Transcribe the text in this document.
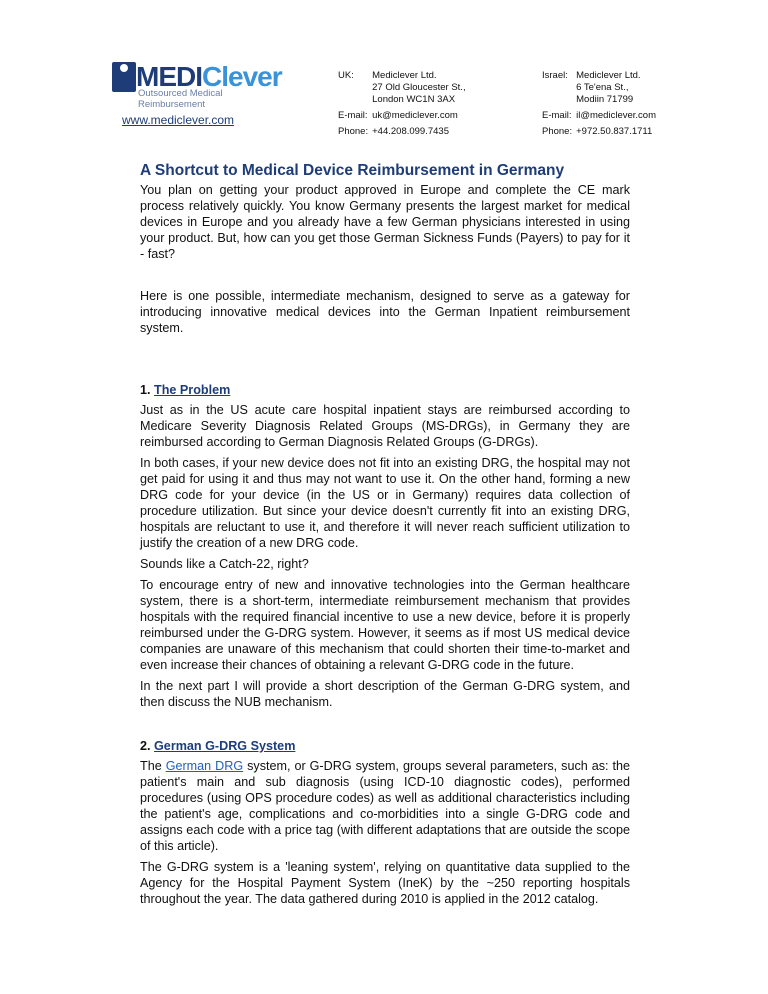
MEDIClever
Outsourced Medical Reimbursement
www.mediclever.com
UK:	Mediclever Ltd.
	27 Old Gloucester St.,
	London WC1N 3AX
E-mail:	uk@mediclever.com
Phone:	+44.208.099.7435
Israel:	Mediclever Ltd.
	6 Te'ena St.,
	Modiin 71799
E-mail:	il@mediclever.com
Phone:	+972.50.837.1711
A Shortcut to Medical Device Reimbursement in Germany

You plan on getting your product approved in Europe and complete the CE mark process relatively quickly. You know Germany presents the largest market for medical devices in Europe and you already have a few German physicians interested in using your product. But, how can you get those German Sickness Funds (Payers) to pay for it - fast?

Here is one possible, intermediate mechanism, designed to serve as a gateway for introducing innovative medical devices into the German Inpatient reimbursement system.

1. The Problem

Just as in the US acute care hospital inpatient stays are reimbursed according to Medicare Severity Diagnosis Related Groups (MS-DRGs), in Germany they are reimbursed according to German Diagnosis Related Groups (G-DRGs).

In both cases, if your new device does not fit into an existing DRG, the hospital may not get paid for using it and thus may not want to use it. On the other hand, forming a new DRG code for your device (in the US or in Germany) requires data collection of procedure utilization. But since your device doesn't currently fit into an existing DRG, hospitals are reluctant to use it, and therefore it will never reach sufficient utilization to justify the creation of a new DRG code.

Sounds like a Catch-22, right?

To encourage entry of new and innovative technologies into the German healthcare system, there is a short-term, intermediate reimbursement mechanism that provides hospitals with the required financial incentive to use a new device, before it is properly reimbursed under the G-DRG system. However, it seems as if most US medical device companies are unaware of this mechanism that could shorten their time-to-market and even increase their chances of obtaining a relevant G-DRG code in the future.

In the next part I will provide a short description of the German G-DRG system, and then discuss the NUB mechanism.

2. German G-DRG System

The German DRG system, or G-DRG system, groups several parameters, such as: the patient's main and sub diagnosis (using ICD-10 diagnostic codes), performed procedures (using OPS procedure codes) as well as additional characteristics including the patient's age, complications and co-morbidities into a single G-DRG code and assigns each code with a price tag (with different adaptations that are outside the scope of this article).

The G-DRG system is a 'leaning system', relying on quantitative data supplied to the Agency for the Hospital Payment System (IneK) by the ~250 reporting hospitals throughout the year. The data gathered during 2010 is applied in the 2012 catalog.
